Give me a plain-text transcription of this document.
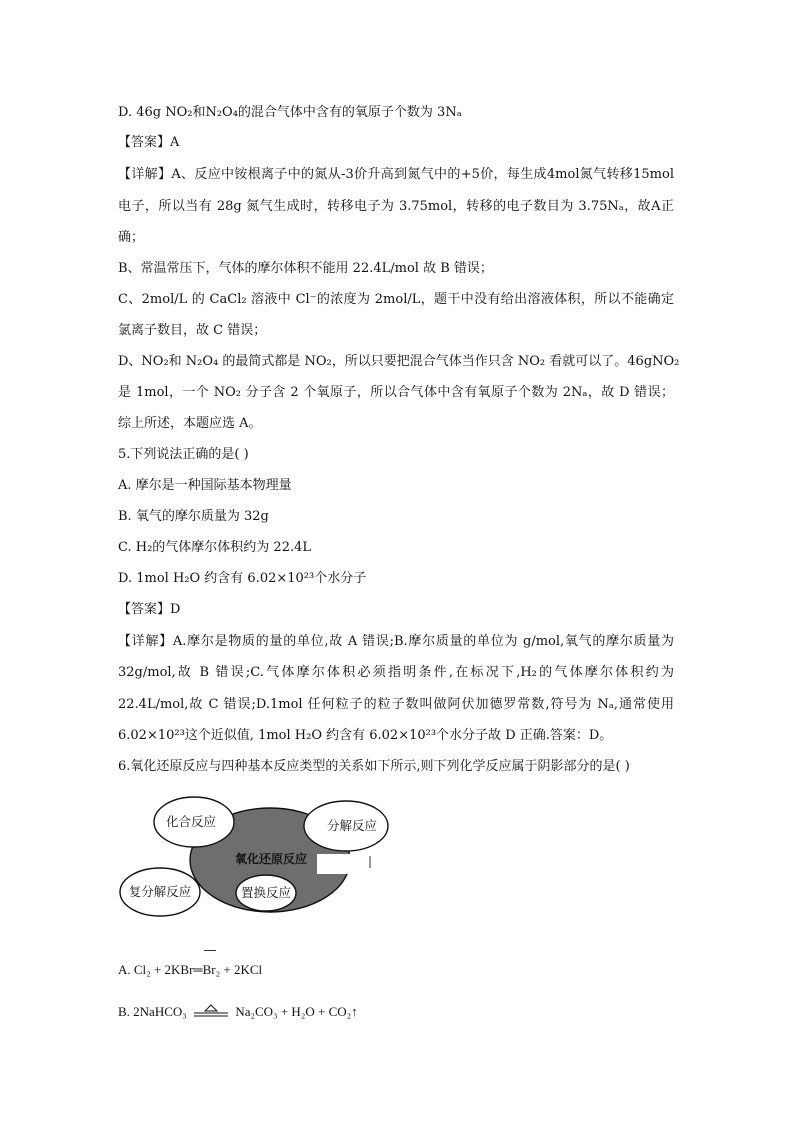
D. 46g NO₂和N₂O₄的混合气体中含有的氧原子个数为 3Nₐ
【答案】A
【详解】A、反应中铵根离子中的氮从-3价升高到氮气中的+5价，每生成4mol氮气转移15mol
电子，所以当有 28g 氮气生成时，转移电子为 3.75mol，转移的电子数目为 3.75Nₐ，故A正
确；
B、常温常压下，气体的摩尔体积不能用 22.4L/mol 故 B 错误；
C、2mol/L 的 CaCl₂ 溶液中 Cl⁻的浓度为 2mol/L，题干中没有给出溶液体积，所以不能确定
氯离子数目，故 C 错误；
D、NO₂和 N₂O₄ 的最简式都是 NO₂，所以只要把混合气体当作只含 NO₂ 看就可以了。46gNO₂
是 1mol，一个 NO₂ 分子含 2 个氧原子，所以合气体中含有氧原子个数为 2Nₐ，故 D 错误；
综上所述，本题应选 A。
5.下列说法正确的是( )
A. 摩尔是一种国际基本物理量
B. 氧气的摩尔质量为 32g
C. H₂的气体摩尔体积约为 22.4L
D. 1mol H₂O 约含有 6.02×10²³个水分子
【答案】D
【详解】A.摩尔是物质的量的单位,故 A 错误;B.摩尔质量的单位为 g/mol,氧气的摩尔质量为
32g/mol,故 B 错误;C.气体摩尔体积必须指明条件,在标况下,H₂的气体摩尔体积约为
22.4L/mol,故 C 错误;D.1mol 任何粒子的粒子数叫做阿伏加德罗常数,符号为 Nₐ,通常使用
6.02×10²³这个近似值, 1mol H₂O 约含有 6.02×10²³个水分子故 D 正确.答案：D。
6.氧化还原反应与四种基本反应类型的关系如下所示,则下列化学反应属于阴影部分的是( )
氧化还原反应
化合反应	分解反应
复分解反应	置换反应
A. Cl₂ + 2KBr═Br₂ + 2KCl
B. 2NaHCO₃	Na₂CO₃ + H₂O + CO₂↑
